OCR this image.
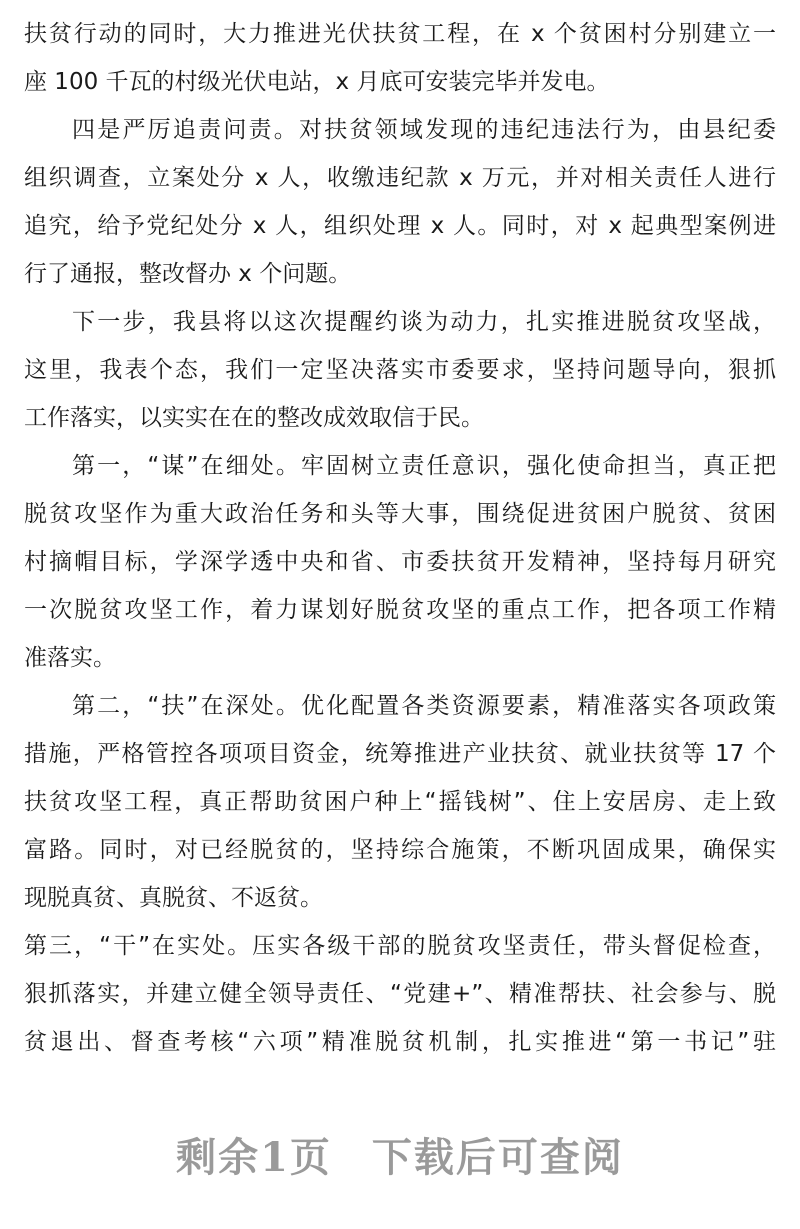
扶贫行动的同时，大力推进光伏扶贫工程，在 x 个贫困村分别建立一
座 100 千瓦的村级光伏电站，x 月底可安装完毕并发电。
四是严厉追责问责。对扶贫领域发现的违纪违法行为，由县纪委
组织调查，立案处分 x 人，收缴违纪款 x 万元，并对相关责任人进行
追究，给予党纪处分 x 人，组织处理 x 人。同时，对 x 起典型案例进
行了通报，整改督办 x 个问题。
下一步，我县将以这次提醒约谈为动力，扎实推进脱贫攻坚战，
这里，我表个态，我们一定坚决落实市委要求，坚持问题导向，狠抓
工作落实，以实实在在的整改成效取信于民。
第一，“谋”在细处。牢固树立责任意识，强化使命担当，真正把
脱贫攻坚作为重大政治任务和头等大事，围绕促进贫困户脱贫、贫困
村摘帽目标，学深学透中央和省、市委扶贫开发精神，坚持每月研究
一次脱贫攻坚工作，着力谋划好脱贫攻坚的重点工作，把各项工作精
准落实。
第二，“扶”在深处。优化配置各类资源要素，精准落实各项政策
措施，严格管控各项项目资金，统筹推进产业扶贫、就业扶贫等 17 个
扶贫攻坚工程，真正帮助贫困户种上“摇钱树”、住上安居房、走上致
富路。同时，对已经脱贫的，坚持综合施策，不断巩固成果，确保实
现脱真贫、真脱贫、不返贫。
第三，“干”在实处。压实各级干部的脱贫攻坚责任，带头督促检查，
狠抓落实，并建立健全领导责任、“党建+”、精准帮扶、社会参与、脱
贫退出、督查考核“六项”精准脱贫机制，扎实推进“第一书记”驻
剩余1页 下载后可查阅
